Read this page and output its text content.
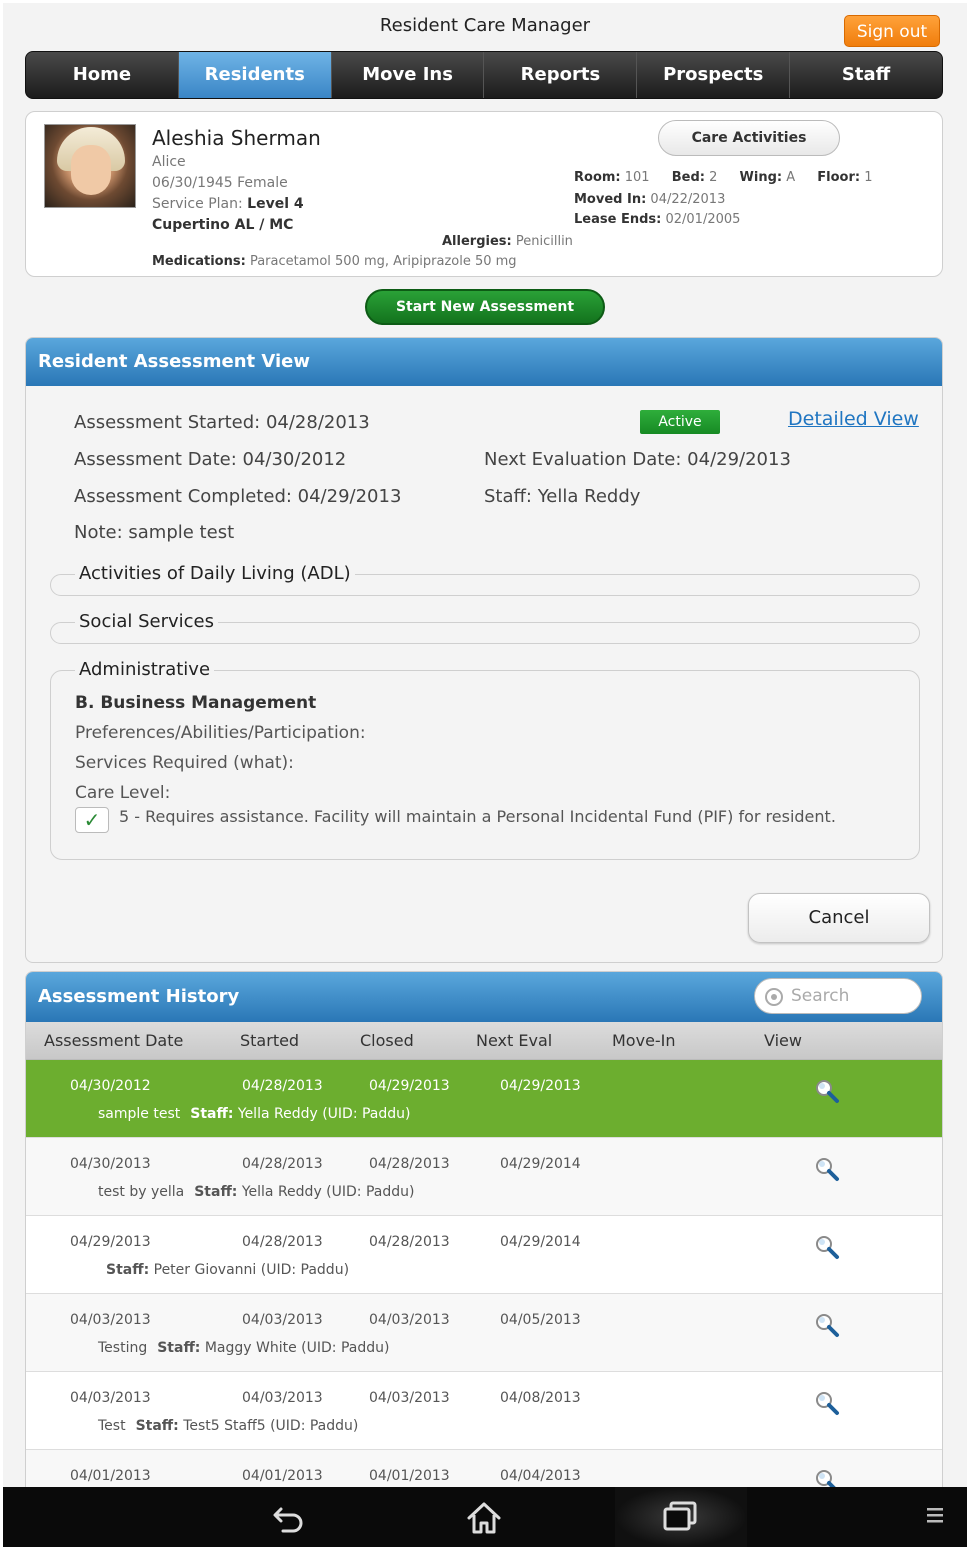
Resident Care Manager	Sign out
Home	Residents	Move Ins	Reports	Prospects	Staff
Aleshia Sherman
Alice
06/30/1945 Female
Service Plan: Level 4
Cupertino AL / MC
Care Activities
Room: 101 Bed: 2 Wing: A Floor: 1
Moved In: 04/22/2013
Lease Ends: 02/01/2005
Allergies: Penicillin
Medications: Paracetamol 500 mg, Aripiprazole 50 mg
Start New Assessment
Resident Assessment View
Assessment Started: 04/28/2013
Assessment Date: 04/30/2012
Assessment Completed: 04/29/2013
Note: sample test
Active	Detailed View
Next Evaluation Date: 04/29/2013
Staff: Yella Reddy
Activities of Daily Living (ADL)
Social Services
Administrative
B. Business Management
Preferences/Abilities/Participation:
Services Required (what):
Care Level:
✓	5 - Requires assistance. Facility will maintain a Personal Incidental Fund (PIF) for resident.
Cancel
Assessment History
Search
Assessment Date	Started	Closed	Next Eval	Move-In	View
04/30/2012	04/28/2013	04/29/2013	04/29/2013
sample test Staff: Yella Reddy (UID: Paddu)
04/30/2013	04/28/2013	04/28/2013	04/29/2014
test by yella Staff: Yella Reddy (UID: Paddu)
04/29/2013	04/28/2013	04/28/2013	04/29/2014
Staff: Peter Giovanni (UID: Paddu)
04/03/2013	04/03/2013	04/03/2013	04/05/2013
Testing Staff: Maggy White (UID: Paddu)
04/03/2013	04/03/2013	04/03/2013	04/08/2013
Test Staff: Test5 Staff5 (UID: Paddu)
04/01/2013	04/01/2013	04/01/2013	04/04/2013
